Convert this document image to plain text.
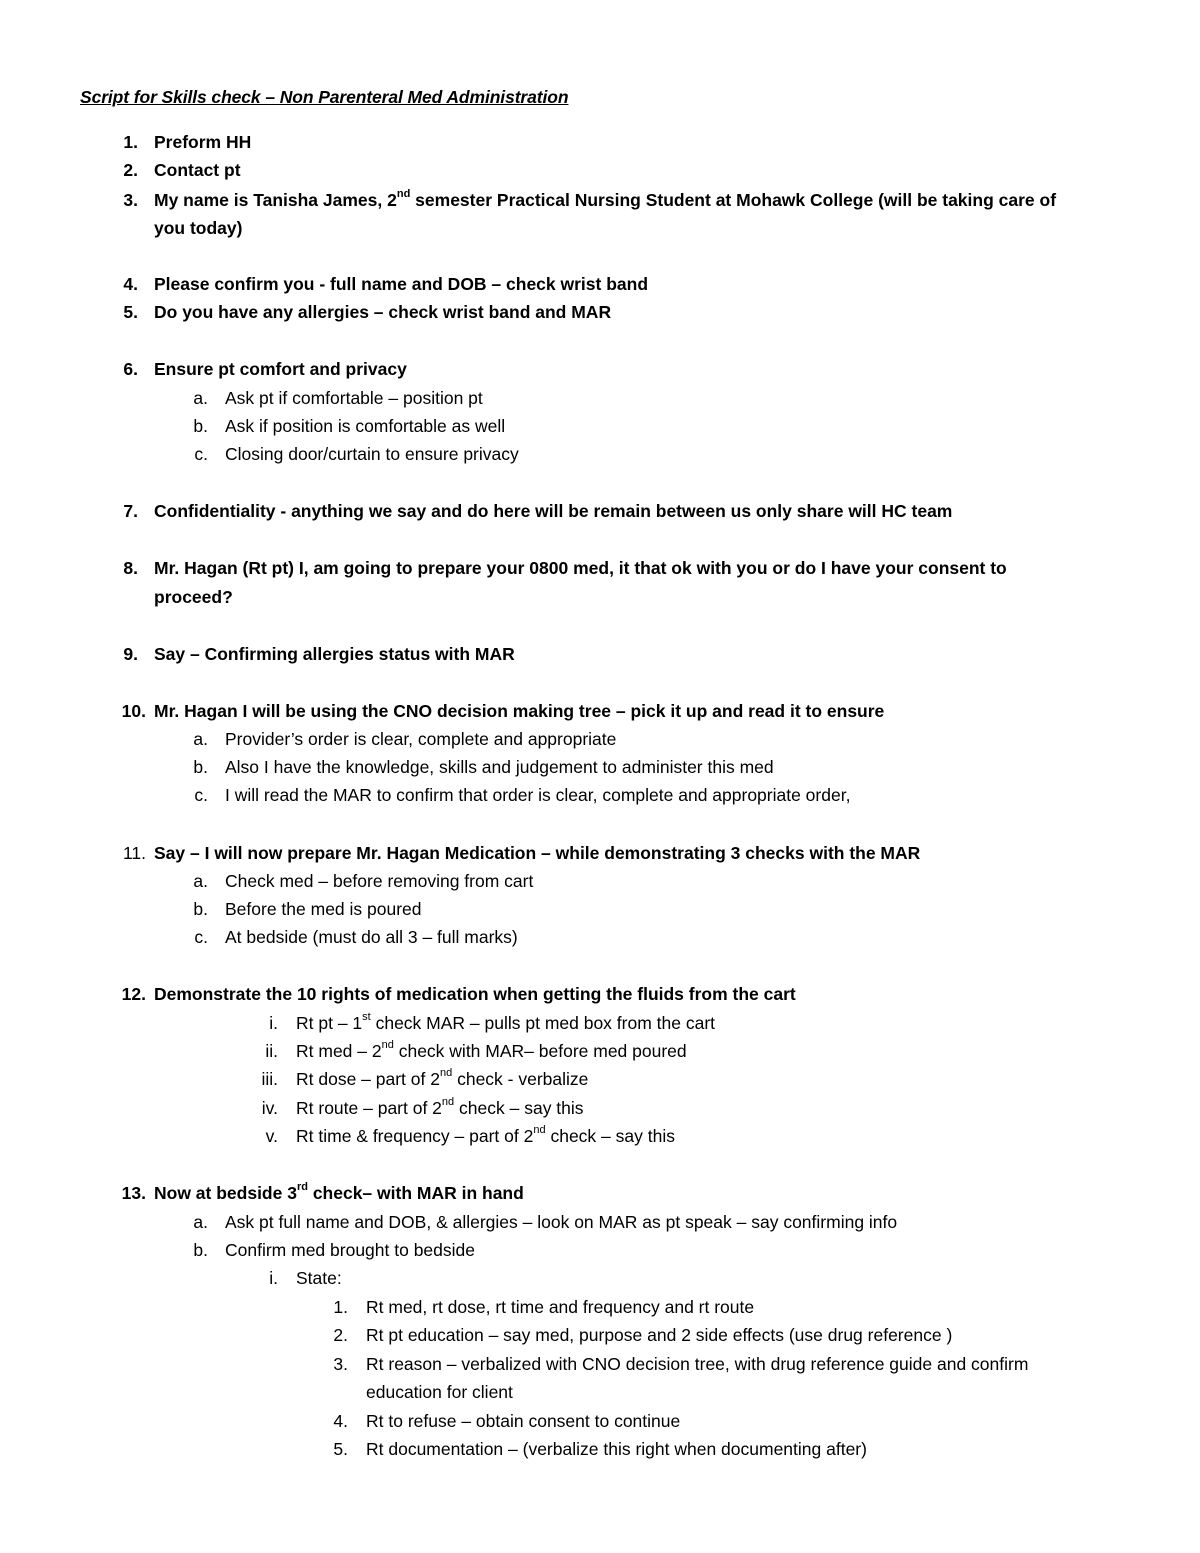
Script for Skills check – Non Parenteral Med Administration
1. Preform HH
2. Contact pt
3. My name is Tanisha James, 2nd semester Practical Nursing Student at Mohawk College (will be taking care of
you today)
4. Please confirm you - full name and DOB – check wrist band
5. Do you have any allergies – check wrist band and MAR
6. Ensure pt comfort and privacy
a. Ask pt if comfortable – position pt
b. Ask if position is comfortable as well
c. Closing door/curtain to ensure privacy
7. Confidentiality - anything we say and do here will be remain between us only share will HC team
8. Mr. Hagan (Rt pt) I, am going to prepare your 0800 med, it that ok with you or do I have your consent to
proceed?
9. Say – Confirming allergies status with MAR
10. Mr. Hagan I will be using the CNO decision making tree – pick it up and read it to ensure
a. Provider’s order is clear, complete and appropriate
b. Also I have the knowledge, skills and judgement to administer this med
c. I will read the MAR to confirm that order is clear, complete and appropriate order,
11. Say – I will now prepare Mr. Hagan Medication – while demonstrating 3 checks with the MAR
a. Check med – before removing from cart
b. Before the med is poured
c. At bedside (must do all 3 – full marks)
12. Demonstrate the 10 rights of medication when getting the fluids from the cart
i. Rt pt – 1st check MAR – pulls pt med box from the cart
ii. Rt med – 2nd check with MAR– before med poured
iii. Rt dose – part of 2nd check - verbalize
iv. Rt route – part of 2nd check – say this
v. Rt time & frequency – part of 2nd check – say this
13. Now at bedside 3rd check– with MAR in hand
a. Ask pt full name and DOB, & allergies – look on MAR as pt speak – say confirming info
b. Confirm med brought to bedside
i. State:
1. Rt med, rt dose, rt time and frequency and rt route
2. Rt pt education – say med, purpose and 2 side effects (use drug reference )
3. Rt reason – verbalized with CNO decision tree, with drug reference guide and confirm
education for client
4. Rt to refuse – obtain consent to continue
5. Rt documentation – (verbalize this right when documenting after)
